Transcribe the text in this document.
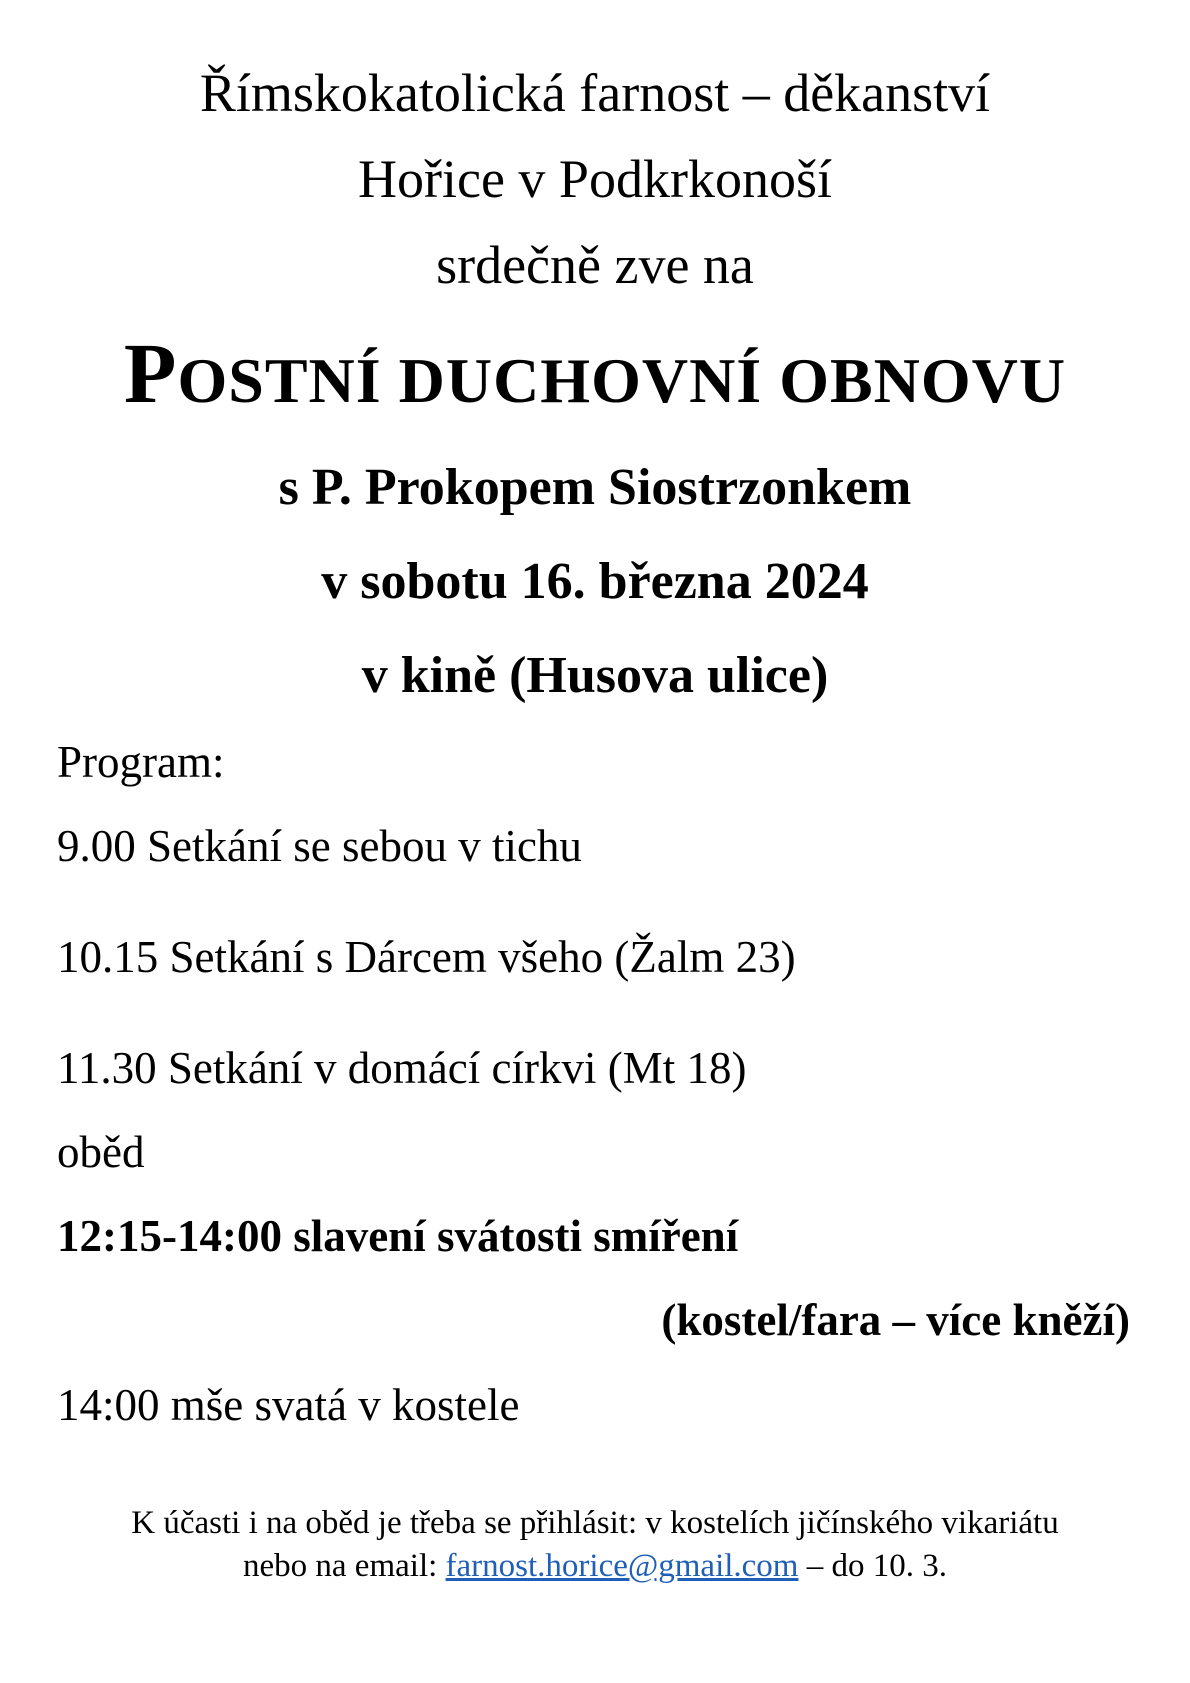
Římskokatolická farnost – děkanství
Hořice v Podkrkonoší
srdečně zve na
POSTNÍ DUCHOVNÍ OBNOVU
s P. Prokopem Siostrzonkem
v sobotu 16. března 2024
v kině (Husova ulice)
Program:
9.00 Setkání se sebou v tichu
10.15 Setkání s Dárcem všeho (Žalm 23)
11.30 Setkání v domácí církvi (Mt 18)
oběd
12:15-14:00 slavení svátosti smíření
(kostel/fara – více kněží)
14:00 mše svatá v kostele
K účasti i na oběd je třeba se přihlásit: v kostelích jičínského vikariátu
nebo na email: farnost.horice@gmail.com – do 10. 3.
